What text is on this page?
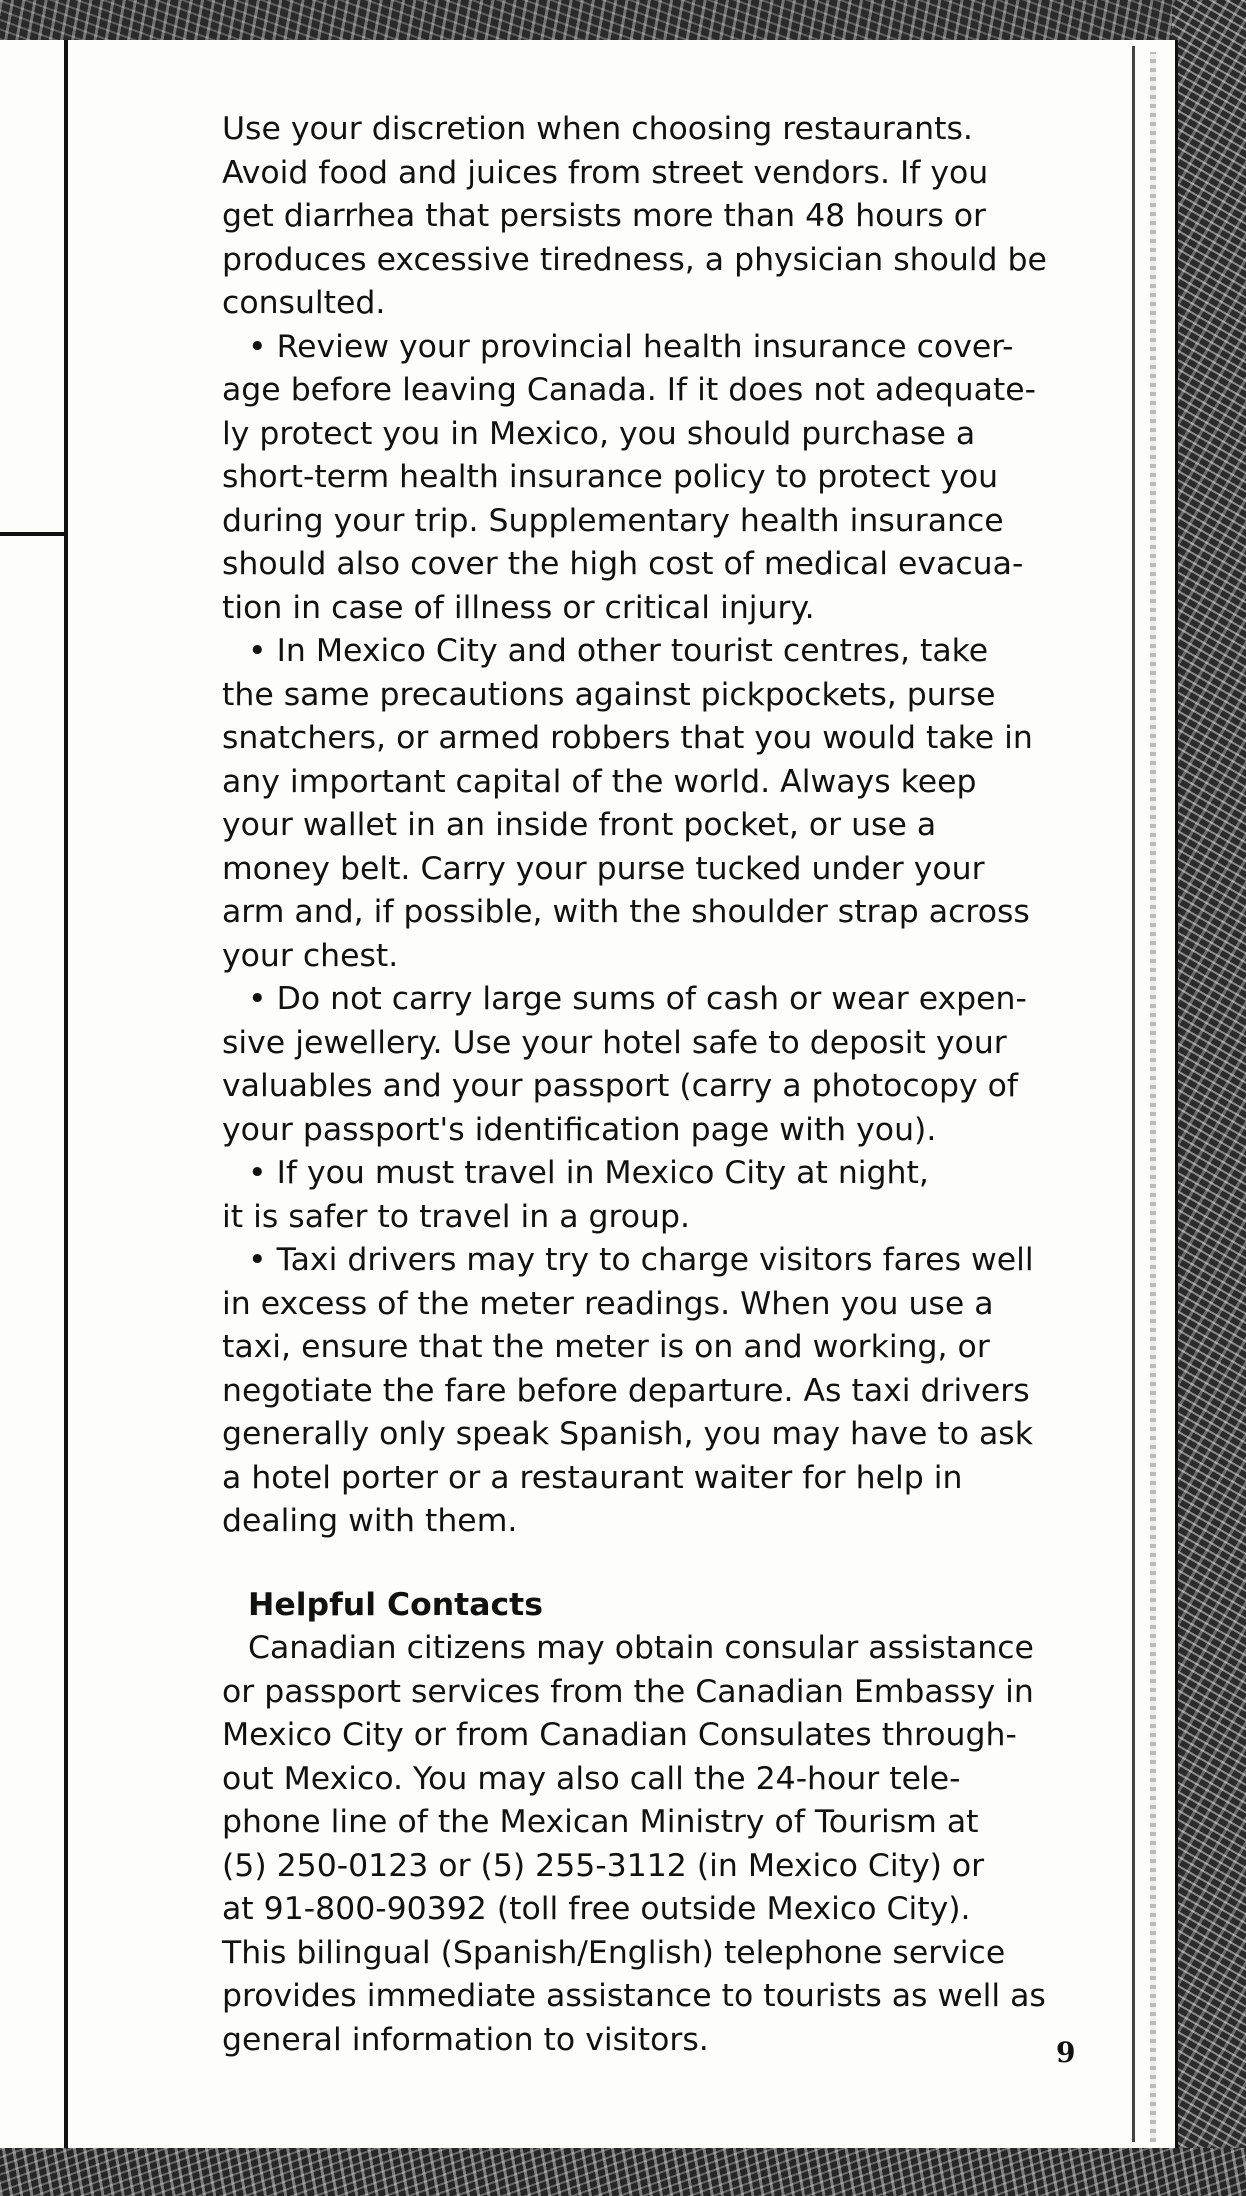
Use your discretion when choosing restaurants.
Avoid food and juices from street vendors. If you
get diarrhea that persists more than 48 hours or
produces excessive tiredness, a physician should be
consulted.
• Review your provincial health insurance cover-
age before leaving Canada. If it does not adequate-
ly protect you in Mexico, you should purchase a
short-term health insurance policy to protect you
during your trip. Supplementary health insurance
should also cover the high cost of medical evacua-
tion in case of illness or critical injury.
• In Mexico City and other tourist centres, take
the same precautions against pickpockets, purse
snatchers, or armed robbers that you would take in
any important capital of the world. Always keep
your wallet in an inside front pocket, or use a
money belt. Carry your purse tucked under your
arm and, if possible, with the shoulder strap across
your chest.
• Do not carry large sums of cash or wear expen-
sive jewellery. Use your hotel safe to deposit your
valuables and your passport (carry a photocopy of
your passport's identification page with you).
• If you must travel in Mexico City at night,
it is safer to travel in a group.
• Taxi drivers may try to charge visitors fares well
in excess of the meter readings. When you use a
taxi, ensure that the meter is on and working, or
negotiate the fare before departure. As taxi drivers
generally only speak Spanish, you may have to ask
a hotel porter or a restaurant waiter for help in
dealing with them.
Helpful Contacts
Canadian citizens may obtain consular assistance
or passport services from the Canadian Embassy in
Mexico City or from Canadian Consulates through-
out Mexico. You may also call the 24-hour tele-
phone line of the Mexican Ministry of Tourism at
(5) 250-0123 or (5) 255-3112 (in Mexico City) or
at 91-800-90392 (toll free outside Mexico City).
This bilingual (Spanish/English) telephone service
provides immediate assistance to tourists as well as
general information to visitors.	9
